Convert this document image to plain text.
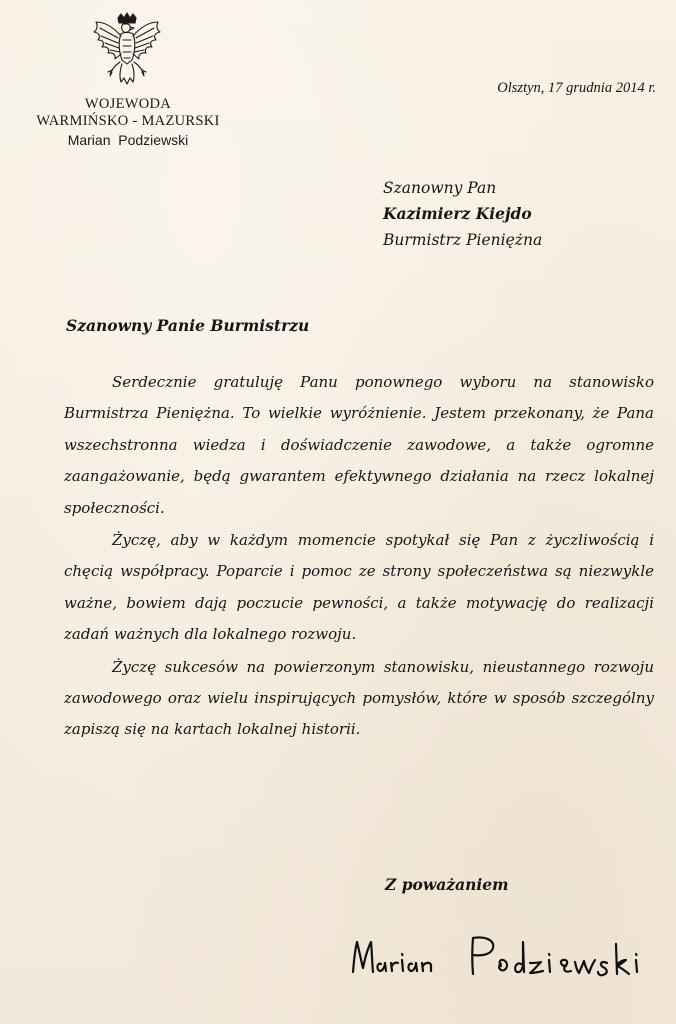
WOJEWODA
WARMIŃSKO - MAZURSKI
Marian  Podziewski
Olsztyn, 17 grudnia 2014 r.
Szanowny Pan
Kazimierz Kiejdo
Burmistrz Pieniężna
Szanowny Panie Burmistrzu

Serdecznie gratuluję Panu ponownego wyboru na stanowisko Burmistrza Pieniężna. To wielkie wyróżnienie. Jestem przekonany, że Pana wszechstronna wiedza i doświadczenie zawodowe, a także ogromne zaangażowanie, będą gwarantem efektywnego działania na rzecz lokalnej społeczności.

Życzę, aby w każdym momencie spotykał się Pan z życzliwością i chęcią współpracy. Poparcie i pomoc ze strony społeczeństwa są niezwykle ważne, bowiem dają poczucie pewności, a także motywację do realizacji zadań ważnych dla lokalnego rozwoju.

Życzę sukcesów na powierzonym stanowisku, nieustannego rozwoju zawodowego oraz wielu inspirujących pomysłów, które w sposób szczególny zapiszą się na kartach lokalnej historii.

Z poważaniem
